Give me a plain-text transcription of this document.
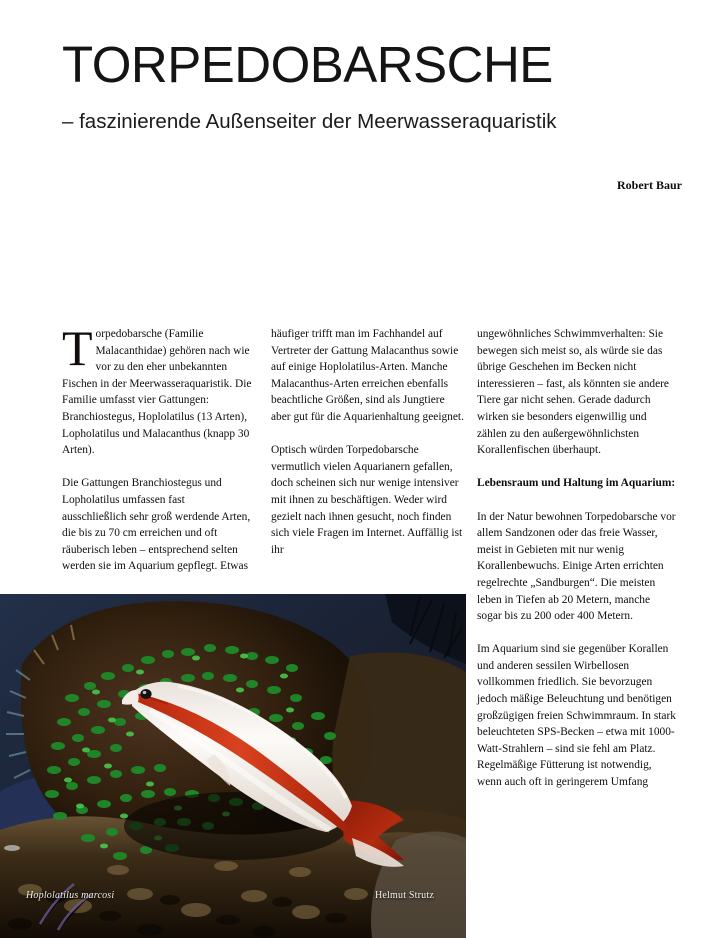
TORPEDOBARSCHE
– faszinierende Außenseiter der Meerwasseraquaristik
Robert Baur

Torpedobarsche (Familie Malacanthidae) gehören nach wie vor zu den eher unbekannten Fischen in der Meerwasseraquaristik. Die Familie umfasst vier Gattungen: Branchiostegus, Hoplolatilus (13 Arten), Lopholatilus und Malacanthus (knapp 30 Arten).

Die Gattungen Branchiostegus und Lopholatilus umfassen fast ausschließlich sehr groß werdende Arten, die bis zu 70 cm erreichen und oft räuberisch leben – entsprechend selten werden sie im Aquarium gepflegt. Etwas

häufiger trifft man im Fachhandel auf Vertreter der Gattung Malacanthus sowie auf einige Hoplolatilus-Arten. Manche Malacanthus-Arten erreichen ebenfalls beachtliche Größen, sind als Jungtiere aber gut für die Aquarienhaltung geeignet.

Optisch würden Torpedobarsche vermutlich vielen Aquarianern gefallen, doch scheinen sich nur wenige intensiver mit ihnen zu beschäftigen. Weder wird gezielt nach ihnen gesucht, noch finden sich viele Fragen im Internet. Auffällig ist ihr

ungewöhnliches Schwimmverhalten: Sie bewegen sich meist so, als würde sie das übrige Geschehen im Becken nicht interessieren – fast, als könnten sie andere Tiere gar nicht sehen. Gerade dadurch wirken sie besonders eigenwillig und zählen zu den außergewöhnlichsten Korallenfischen überhaupt.

Lebensraum und Haltung im Aquarium:

In der Natur bewohnen Torpedobarsche vor allem Sandzonen oder das freie Wasser, meist in Gebieten mit nur wenig Korallenbewuchs. Einige Arten errichten regelrechte „Sandburgen“. Die meisten leben in Tiefen ab 20 Metern, manche sogar bis zu 200 oder 400 Metern.

Im Aquarium sind sie gegenüber Korallen und anderen sessilen Wirbellosen vollkommen friedlich. Sie bevorzugen jedoch mäßige Beleuchtung und benötigen großzügigen freien Schwimmraum. In stark beleuchteten SPS-Becken – etwa mit 1000-Watt-Strahlern – sind sie fehl am Platz. Regelmäßige Fütterung ist notwendig, wenn auch oft in geringerem Umfang

Hoplolatilus marcosi	Helmut Strutz
